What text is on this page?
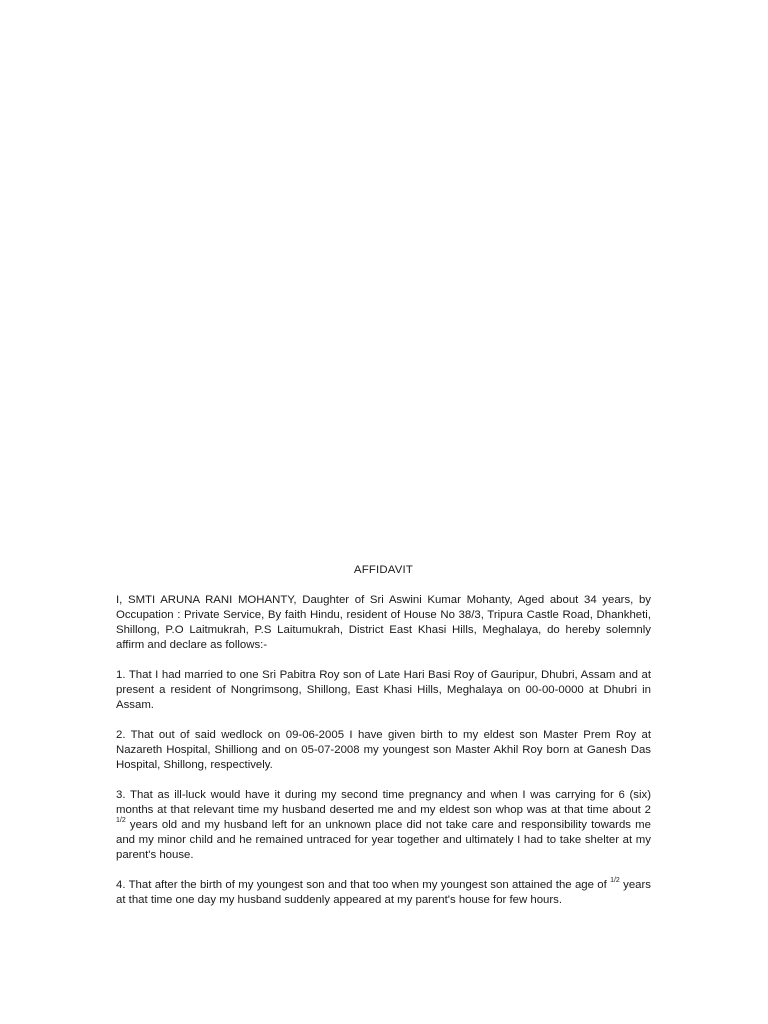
AFFIDAVIT

I, SMTI ARUNA RANI MOHANTY, Daughter of Sri Aswini Kumar Mohanty, Aged about 34 years, by Occupation : Private Service, By faith Hindu, resident of House No 38/3, Tripura Castle Road, Dhankheti, Shillong, P.O Laitmukrah, P.S Laitumukrah, District East Khasi Hills, Meghalaya, do hereby solemnly affirm and declare as follows:-

1. That I had married to one Sri Pabitra Roy son of Late Hari Basi Roy of Gauripur, Dhubri, Assam and at present a resident of Nongrimsong, Shillong, East Khasi Hills, Meghalaya on 00-00-0000 at Dhubri in Assam.

2. That out of said wedlock on 09-06-2005 I have given birth to my eldest son Master Prem Roy at Nazareth Hospital, Shilliong and on 05-07-2008 my youngest son Master Akhil Roy born at Ganesh Das Hospital, Shillong, respectively.

3. That as ill-luck would have it during my second time pregnancy and when I was carrying for 6 (six) months at that relevant time my husband deserted me and my eldest son whop was at that time about 2 $^{1/2}$ years old and my husband left for an unknown place did not take care and responsibility towards me and my minor child and he remained untraced for year together and ultimately I had to take shelter at my parent's house.

4. That after the birth of my youngest son and that too when my youngest son attained the age of $^{1/2}$ years at that time one day my husband suddenly appeared at my parent's house for few hours.
